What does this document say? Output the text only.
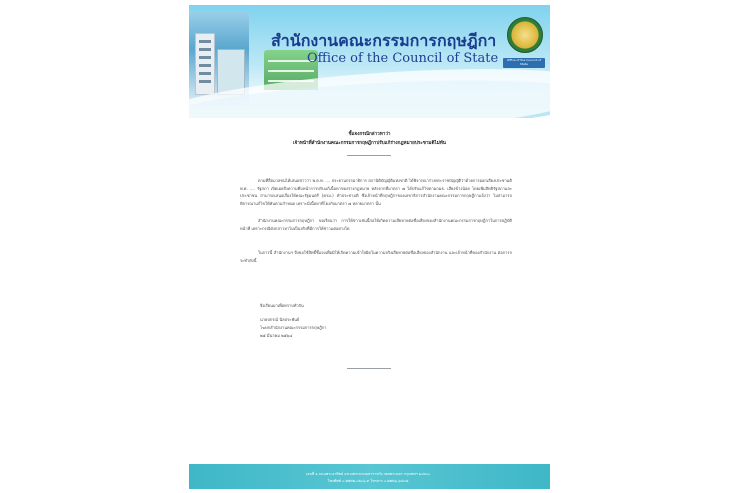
สำนักงานคณะกรรมการกฤษฎีกา
Office of the Council of State	Office of the Council of State
ชี้แจงกรณีกล่าวหาว่า
เจ้าหน้าที่สำนักงานคณะกรรมการกฤษฎีกาปรับแก้ร่างกฎหมายประชามติไม่ทัน
ตามที่สื่อมวลชนได้เสนอข่าวว่า พ.ต.ท. .... ประธานกรรมาธิการ สภานิติบัญญัติแห่งชาติ ได้พิจารณาร่างพระราชบัญญัติว่าด้วยการออกเสียงประชามติ พ.ศ. .... รัฐสภา เปิดเผยถึงความคืบหน้าการปรับแก้เนื้อหาของร่างกฎหมาย หลังจากที่มาตรา ๗ ได้ปรับแก้ไขตามกมธ. เสียงข้างน้อย โดยเพิ่มสิทธิรัฐสภาและประชาชน สามารถเสนอเรื่องให้คณะรัฐมนตรี (ครม.) ทำประชามติ ซึ่งเจ้าหน้าที่กฤษฎีกาของเลขาธิการสำนักงานคณะกรรมการกฤษฎีกาแจ้งว่า ไม่สามารถพิจารณาแก้ไขให้ทันตามกำหนด เพราะมีเนื้อหาที่โยงกับมาตรา ๗ หลายมาตรา นั้น
สำนักงานคณะกรรมการกฤษฎีกา ขอเรียนว่า การให้ข่าวเช่นนี้ก่อให้เกิดความเสียหายต่อชื่อเสียงของสำนักงานคณะกรรมการกฤษฎีกาในการปฏิบัติหน้าที่ เพราะกรณีดังกล่าวหาไม่เป็นจริงที่มีการให้ข่าวแต่อย่างใด
ในการนี้ สำนักงานฯ จึงขอใช้สิทธิ์ชี้แจงเพื่อมิให้เกิดความเข้าใจผิดในความจริงเสียหายต่อชื่อเสียงของสำนักงาน และเจ้าหน้าที่ของสำนักงาน ต่อการกระทำดังนี้
จึงเรียนมาเพื่อทราบทั่วกัน
นายปกรณ์ นิลประพันธ์
โฆษกสำนักงานคณะกรรมการกฤษฎีกา
๒๕ มีนาคม ๒๕๖๔
เลขที่ ๑ ถนนพระอาทิตย์ แขวงพระบรมมหาราชวัง เขตพระนคร กรุงเทพฯ ๑๐๒๐๐
โทรศัพท์ ๐-๒๒๒๒-๐๒๐๖-๙ โทรสาร ๐-๒๒๒๖-๖๔๓๘
